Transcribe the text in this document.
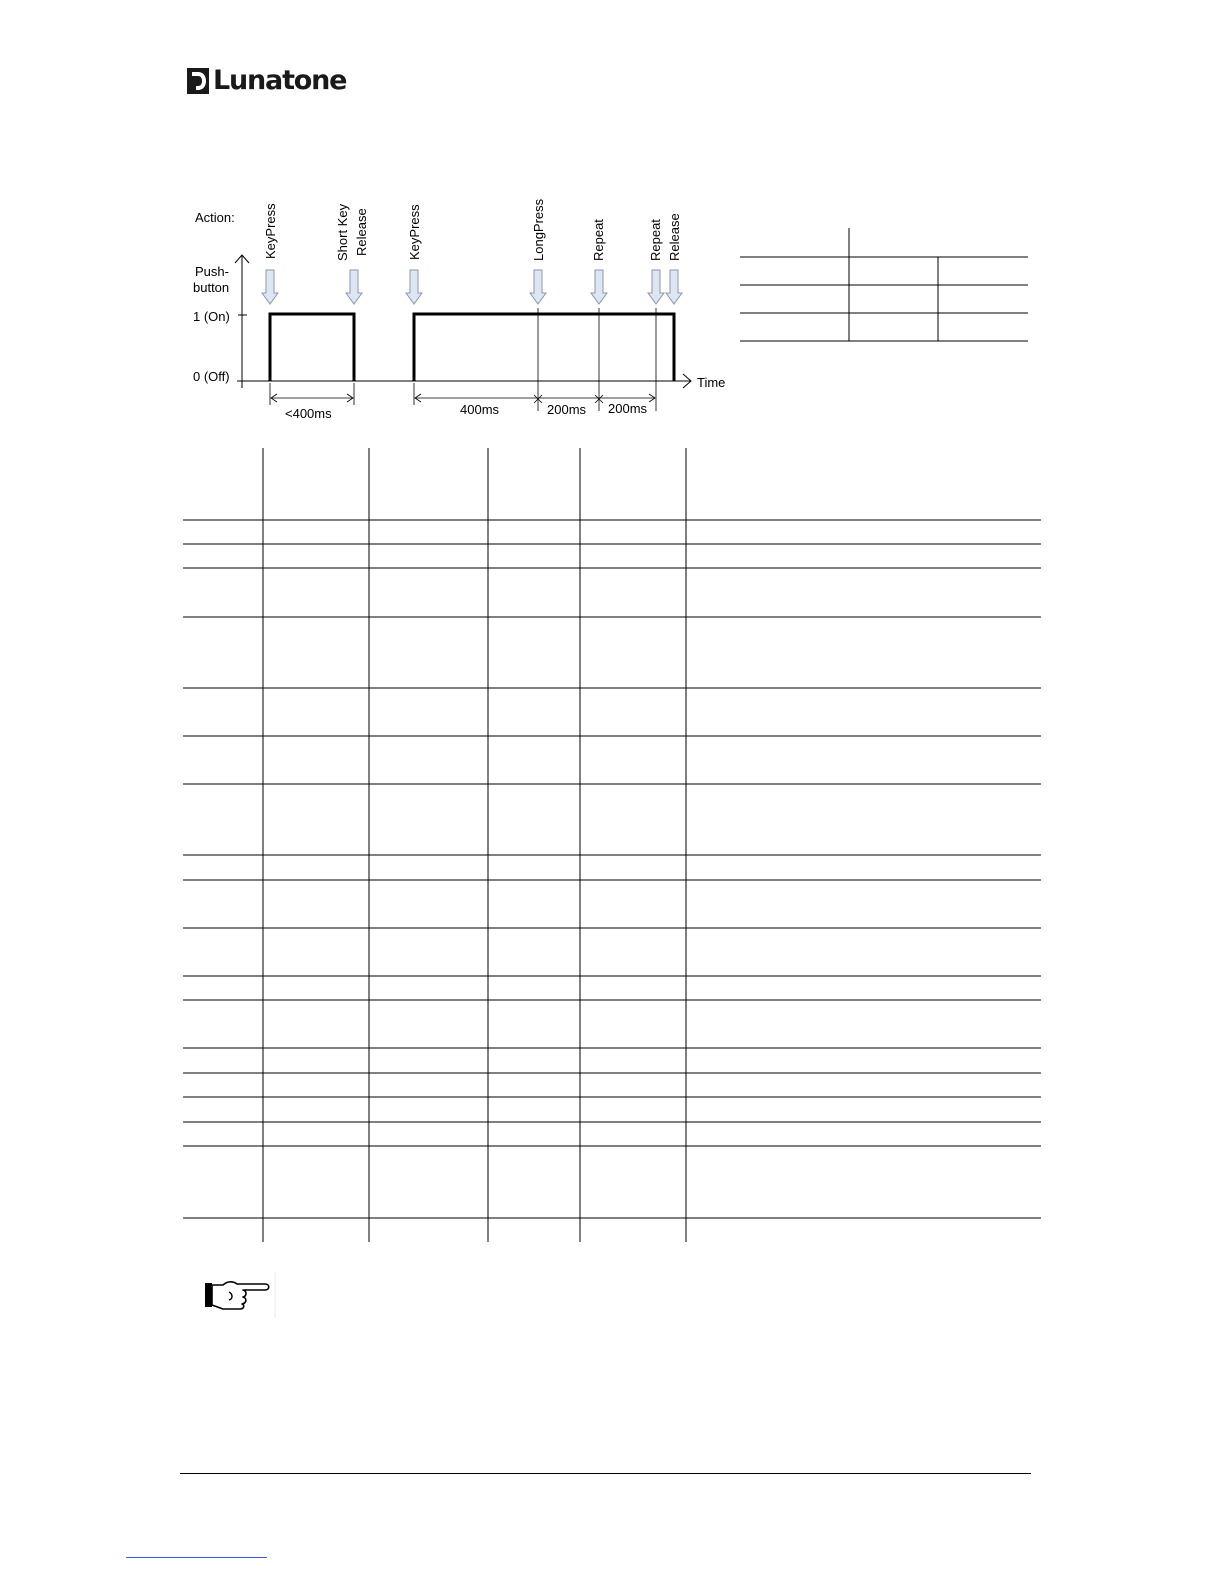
Lunatone
Action:
Push-
button
1 (On)
0 (Off)	Time
KeyPress	Short Key Release	KeyPress	LongPress	Repeat	Repeat Release
<400ms	400ms	200ms 200ms
